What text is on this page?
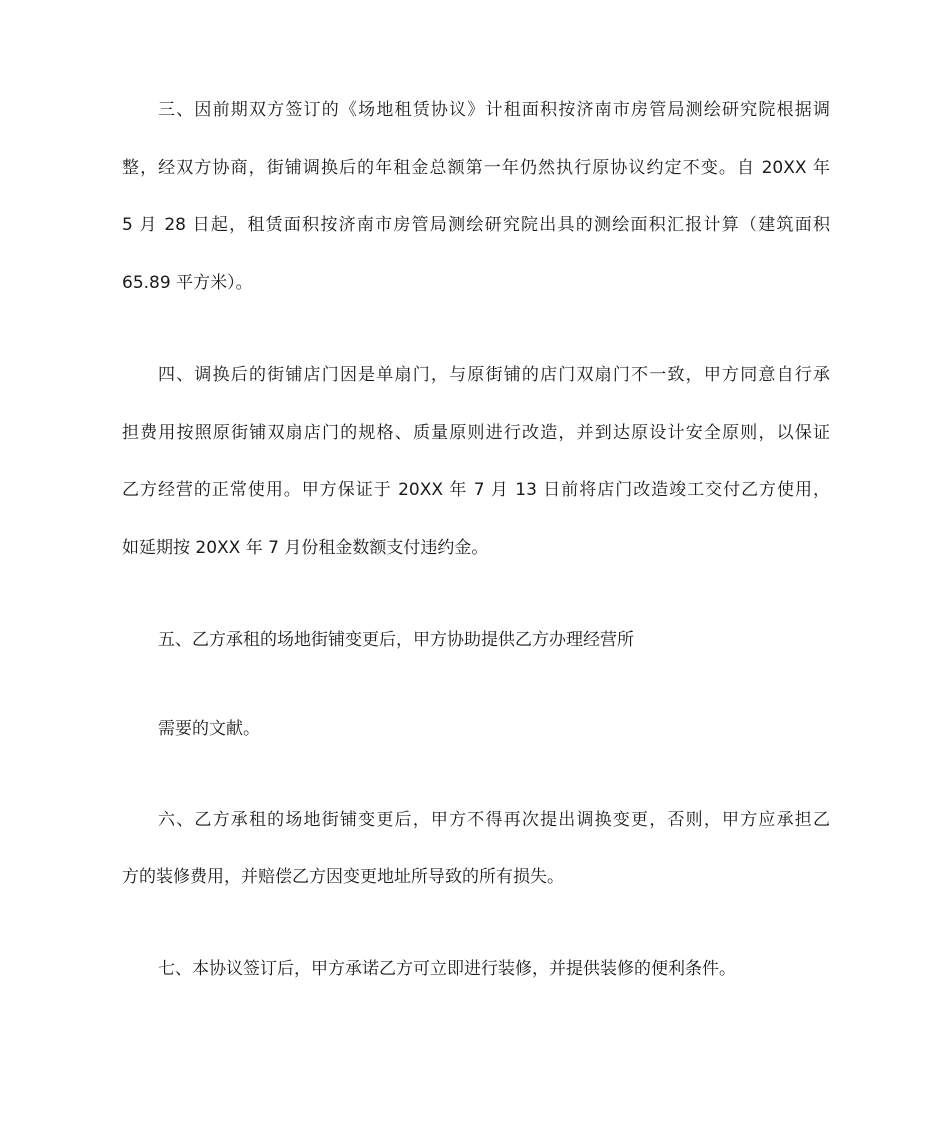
三、因前期双方签订的《场地租赁协议》计租面积按济南市房管局测绘研究院根据调
整，经双方协商，街铺调换后的年租金总额第一年仍然执行原协议约定不变。自 20XX 年
5 月 28 日起，租赁面积按济南市房管局测绘研究院出具的测绘面积汇报计算（建筑面积
65.89 平方米）。
四、调换后的街铺店门因是单扇门，与原街铺的店门双扇门不一致，甲方同意自行承
担费用按照原街铺双扇店门的规格、质量原则进行改造，并到达原设计安全原则，以保证
乙方经营的正常使用。甲方保证于 20XX 年 7 月 13 日前将店门改造竣工交付乙方使用，
如延期按 20XX 年 7 月份租金数额支付违约金。
五、乙方承租的场地街铺变更后，甲方协助提供乙方办理经营所
需要的文献。
六、乙方承租的场地街铺变更后，甲方不得再次提出调换变更，否则，甲方应承担乙
方的装修费用，并赔偿乙方因变更地址所导致的所有损失。
七、本协议签订后，甲方承诺乙方可立即进行装修，并提供装修的便利条件。
